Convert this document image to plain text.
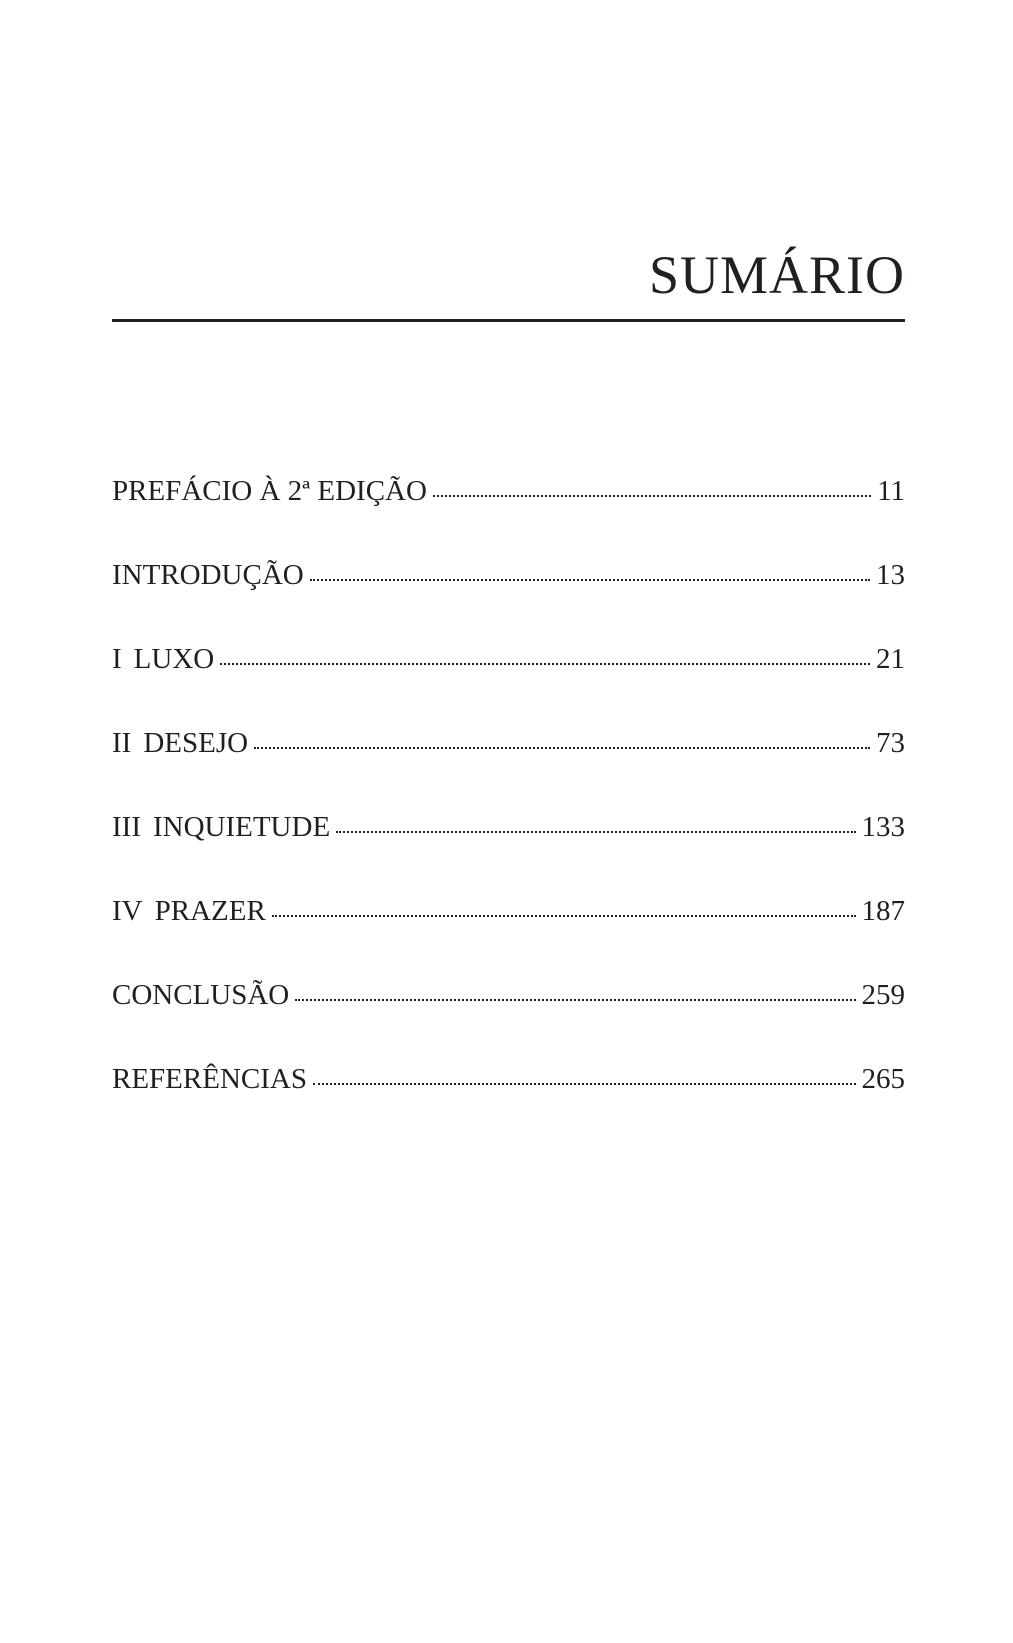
SUMÁRIO
PREFÁCIO À 2ª EDIÇÃO	11
INTRODUÇÃO	13
I LUXO	21
II DESEJO	73
III INQUIETUDE	133
IV PRAZER	187
CONCLUSÃO	259
REFERÊNCIAS	265
